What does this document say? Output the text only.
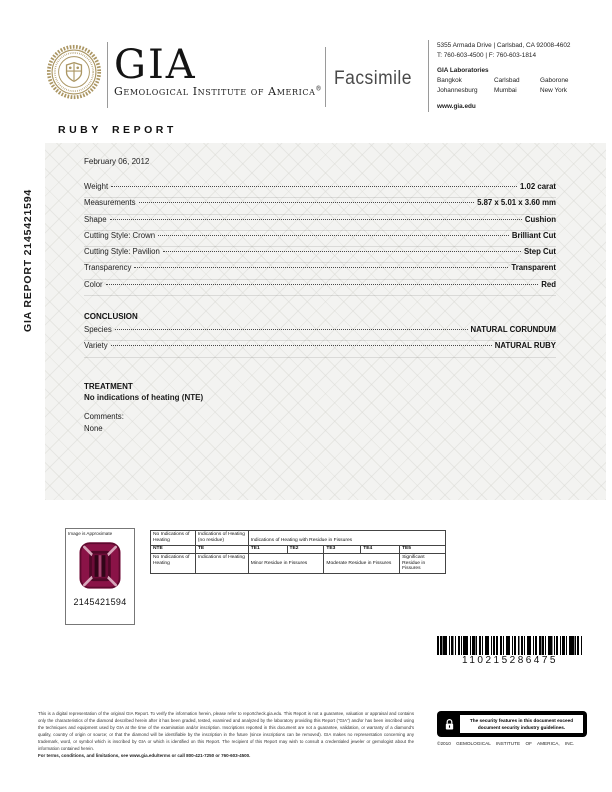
GIA
Gemological Institute of America® Facsimile
5355 Armada Drive | Carlsbad, CA 92008-4602
T: 760-603-4500 | F: 760-603-1814
GIA Laboratories
Bangkok	Carlsbad	Gaborone
Johannesburg	Mumbai	New York
www.gia.edu
RUBY REPORT
GIA REPORT 2145421594
February 06, 2012
Weight	1.02 carat
Measurements	5.87 x 5.01 x 3.60 mm
Shape	Cushion
Cutting Style: Crown	Brilliant Cut
Cutting Style: Pavilion	Step Cut
Transparency	Transparent
Color	Red
CONCLUSION
Species	NATURAL CORUNDUM
Variety	NATURAL RUBY
TREATMENT
No indications of heating (NTE)
Comments:
None
Image is Approximate
2145421594
No Indications of Heating	Indications of Heating (no residue)	Indications of Heating with Residue in Fissures				
NTE	TE	TE1	TE2	TE3	TE4	TE5
No Indications of Heating	Indications of Heating	Minor Residue in Fissures		Moderate Residue in Fissures		Significant Residue in Fissures
110215286475
This is a digital representation of the original GIA Report. To verify the information herein, please refer to reportcheck.gia.edu. This Report is not a guarantee, valuation or appraisal and contains only the characteristics of the diamond described herein after it has been graded, tested, examined and analyzed by the laboratory providing this Report ("GIA") and/or has been inscribed using the techniques and equipment used by GIA at the time of the examination and/or inscription. Inscriptions reported in this document are not a guarantee, validation, or warranty of a diamond's quality, country of origin or source; or that the diamond will be identifiable by the inscription in the future (since inscriptions can be removed). GIA makes no representation concerning any trademark, word, or symbol which is inscribed by GIA or which is identified on this Report. The recipient of this Report may wish to consult a credentialed jeweler or gemologist about the information contained herein.
For terms, conditions, and limitations, see www.gia.edu/terms or call 800-421-7250 or 760-603-4500.
The security features in this document exceed document security industry guidelines.
©2010 GEMOLOGICAL INSTITUTE OF AMERICA, INC.
